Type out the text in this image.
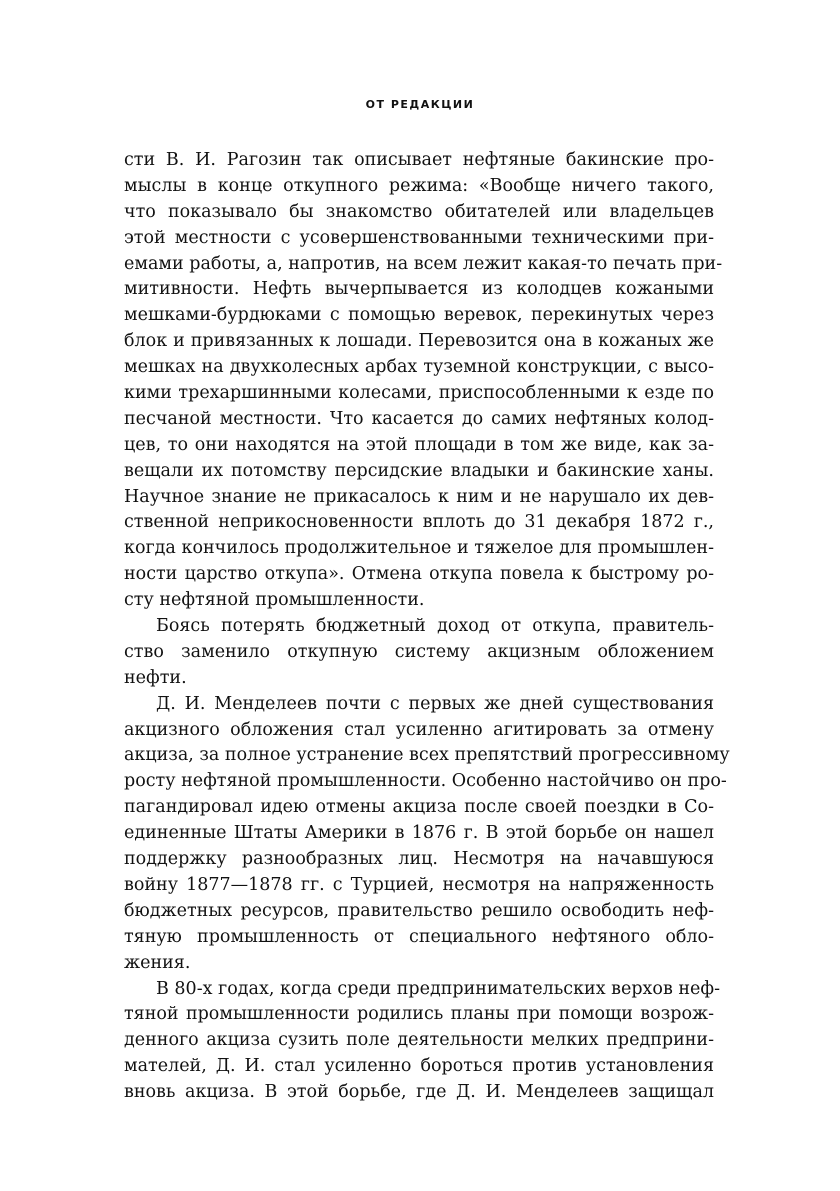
ОТ РЕДАКЦИИ
сти В. И. Рагозин так описывает нефтяные бакинские про-
мыслы в конце откупного режима: «Вообще ничего такого,
что показывало бы знакомство обитателей или владельцев
этой местности с усовершенствованными техническими при-
емами работы, а, напротив, на всем лежит какая-то печать при-
митивности. Нефть вычерпывается из колодцев кожаными
мешками-бурдюками с помощью веревок, перекинутых через
блок и привязанных к лошади. Перевозится она в кожаных же
мешках на двухколесных арбах туземной конструкции, с высо-
кими трехаршинными колесами, приспособленными к езде по
песчаной местности. Что касается до самих нефтяных колод-
цев, то они находятся на этой площади в том же виде, как за-
вещали их потомству персидские владыки и бакинские ханы.
Научное знание не прикасалось к ним и не нарушало их дев-
ственной неприкосновенности вплоть до 31 декабря 1872 г.,
когда кончилось продолжительное и тяжелое для промышлен-
ности царство откупа». Отмена откупа повела к быстрому ро-
сту нефтяной промышленности.
Боясь потерять бюджетный доход от откупа, правитель-
ство заменило откупную систему акцизным обложением
нефти.
Д. И. Менделеев почти с первых же дней существования
акцизного обложения стал усиленно агитировать за отмену
акциза, за полное устранение всех препятствий прогрессивному
росту нефтяной промышленности. Особенно настойчиво он про-
пагандировал идею отмены акциза после своей поездки в Со-
единенные Штаты Америки в 1876 г. В этой борьбе он нашел
поддержку разнообразных лиц. Несмотря на начавшуюся
войну 1877—1878 гг. с Турцией, несмотря на напряженность
бюджетных ресурсов, правительство решило освободить неф-
тяную промышленность от специального нефтяного обло-
жения.
В 80-х годах, когда среди предпринимательских верхов неф-
тяной промышленности родились планы при помощи возрож-
денного акциза сузить поле деятельности мелких предприни-
мателей, Д. И. стал усиленно бороться против установления
вновь акциза. В этой борьбе, где Д. И. Менделеев защищал
